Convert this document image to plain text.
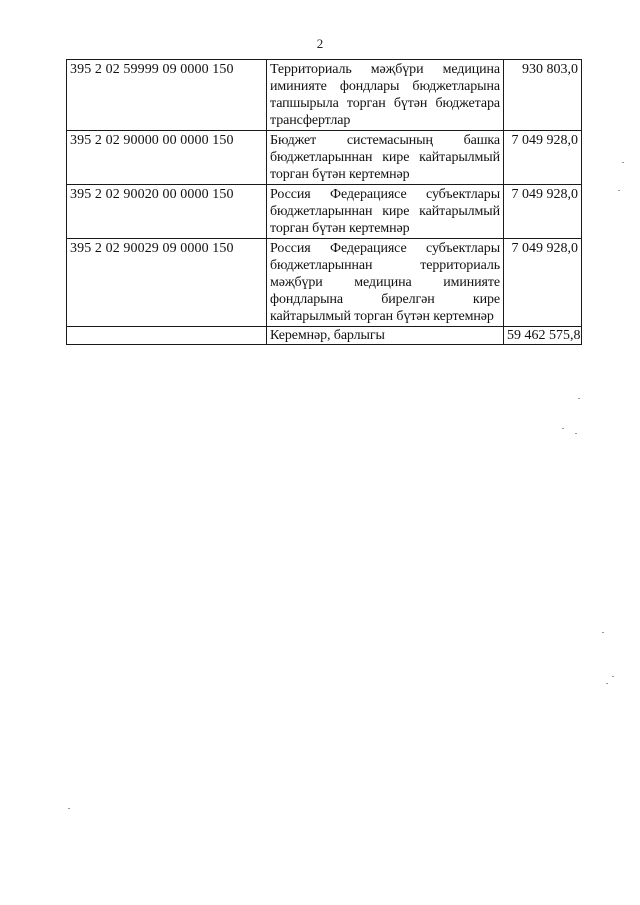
2
395 2 02 59999 09 0000 150	Территориаль мәҗбүри медицина иминияте фондлары бюджетларына тапшырыла торган бүтән бюджетара трансфертлар	930 803,0
395 2 02 90000 00 0000 150	Бюджет системасының башка бюджетларыннан кире кайтарылмый торган бүтән кертемнәр	7 049 928,0
395 2 02 90020 00 0000 150	Россия Федерациясе субъектлары бюджетларыннан кире кайтарылмый торган бүтән кертемнәр	7 049 928,0
395 2 02 90029 09 0000 150	Россия Федерациясе субъектлары бюджетларыннан территориаль мәҗбүри медицина иминияте фондларына бирелгән кире кайтарылмый торган бүтән кертемнәр	7 049 928,0
	Керемнәр, барлыгы	59 462 575,8
